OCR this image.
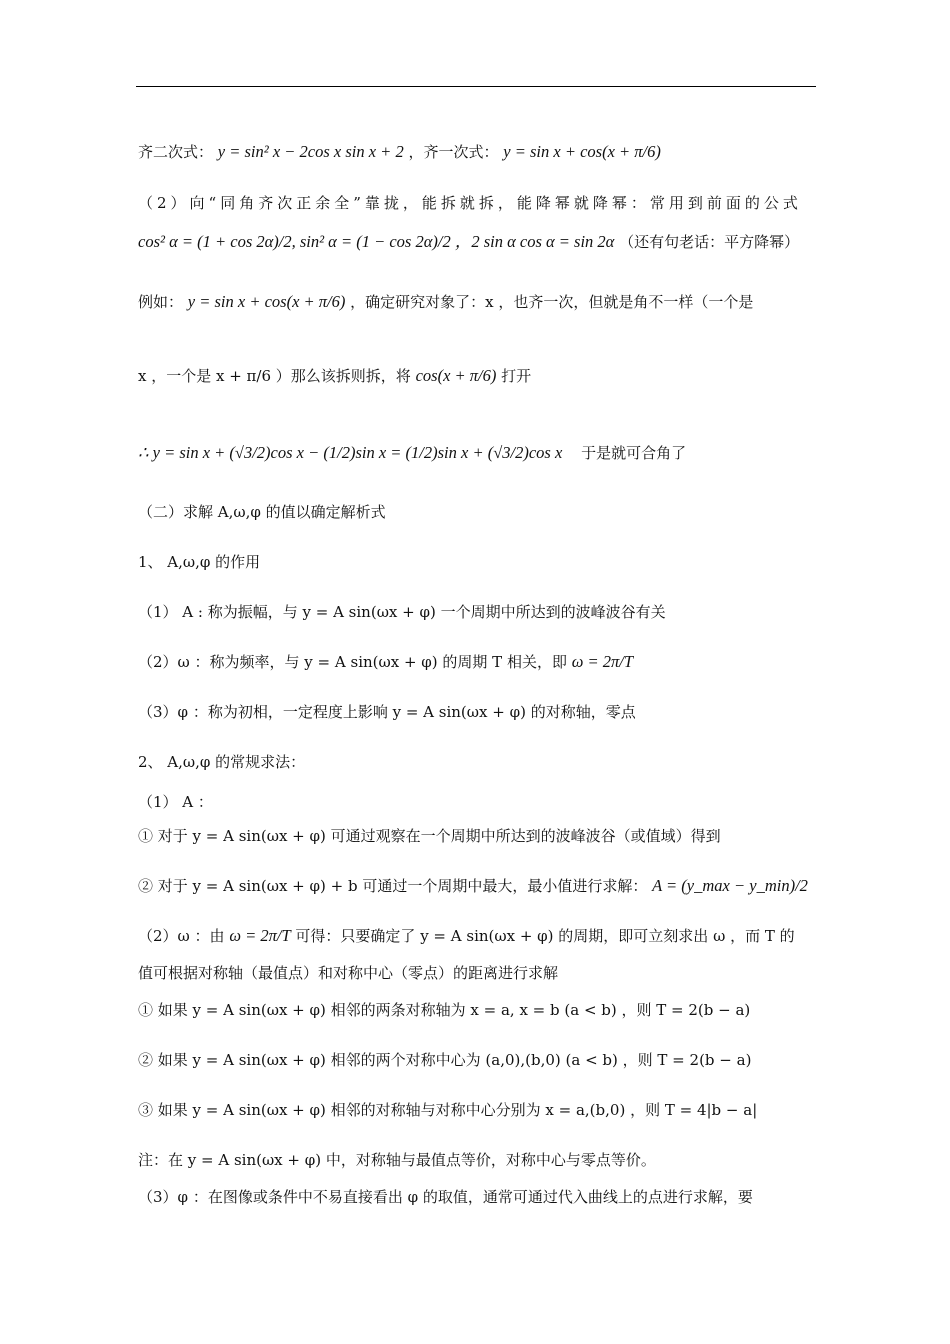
齐二次式： y = sin² x − 2cos x sin x + 2 ，齐一次式： y = sin x + cos(x + π/6)
（2）向“同角齐次正余全”靠拢，能拆就拆，能降幂就降幂：常用到前面的公式
cos² α = (1 + cos 2α)/2, sin² α = (1 − cos 2α)/2 ，2 sin α cos α = sin 2α （还有句老话：平方降幂）
例如： y = sin x + cos(x + π/6) ，确定研究对象了：x ，也齐一次，但就是角不一样（一个是
x ，一个是 x + π/6 ）那么该拆则拆，将 cos(x + π/6) 打开
∴ y = sin x + (√3/2)cos x − (1/2)sin x = (1/2)sin x + (√3/2)cos x 于是就可合角了
（二）求解 A,ω,φ 的值以确定解析式
1、 A,ω,φ 的作用
（1） A : 称为振幅，与 y = A sin(ωx + φ) 一个周期中所达到的波峰波谷有关
（2）ω ：称为频率，与 y = A sin(ωx + φ) 的周期 T 相关，即 ω = 2π/T
（3）φ ：称为初相，一定程度上影响 y = A sin(ωx + φ) 的对称轴，零点
2、 A,ω,φ 的常规求法：
（1） A ：
① 对于 y = A sin(ωx + φ) 可通过观察在一个周期中所达到的波峰波谷（或值域）得到
② 对于 y = A sin(ωx + φ) + b 可通过一个周期中最大，最小值进行求解： A = (y_max − y_min)/2
（2）ω ：由 ω = 2π/T 可得：只要确定了 y = A sin(ωx + φ) 的周期，即可立刻求出 ω ，而 T 的
值可根据对称轴（最值点）和对称中心（零点）的距离进行求解
① 如果 y = A sin(ωx + φ) 相邻的两条对称轴为 x = a, x = b (a < b) ，则 T = 2(b − a)
② 如果 y = A sin(ωx + φ) 相邻的两个对称中心为 (a,0),(b,0) (a < b) ，则 T = 2(b − a)
③ 如果 y = A sin(ωx + φ) 相邻的对称轴与对称中心分别为 x = a,(b,0) ，则 T = 4|b − a|
注：在 y = A sin(ωx + φ) 中，对称轴与最值点等价，对称中心与零点等价。
（3）φ ：在图像或条件中不易直接看出 φ 的取值，通常可通过代入曲线上的点进行求解，要
